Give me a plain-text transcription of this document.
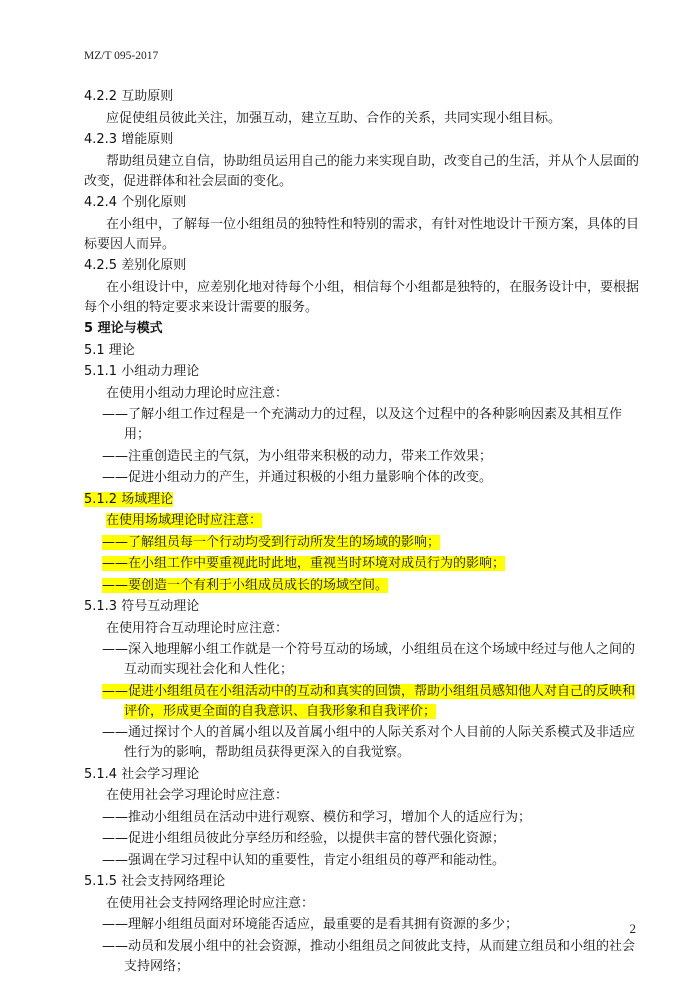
MZ/T 095-2017
4.2.2 互助原则
应促使组员彼此关注，加强互动，建立互助、合作的关系，共同实现小组目标。
4.2.3 增能原则
帮助组员建立自信，协助组员运用自己的能力来实现自助，改变自己的生活，并从个人层面的改变，促进群体和社会层面的变化。
4.2.4 个别化原则
在小组中，了解每一位小组组员的独特性和特别的需求，有针对性地设计干预方案，具体的目标要因人而异。
4.2.5 差别化原则
在小组设计中，应差别化地对待每个小组，相信每个小组都是独特的，在服务设计中，要根据每个小组的特定要求来设计需要的服务。
5 理论与模式
5.1 理论
5.1.1 小组动力理论
在使用小组动力理论时应注意：
——了解小组工作过程是一个充满动力的过程，以及这个过程中的各种影响因素及其相互作用；
——注重创造民主的气氛，为小组带来积极的动力，带来工作效果；
——促进小组动力的产生，并通过积极的小组力量影响个体的改变。
5.1.2 场域理论
在使用场域理论时应注意：
——了解组员每一个行动均受到行动所发生的场域的影响；
——在小组工作中要重视此时此地，重视当时环境对成员行为的影响；
——要创造一个有利于小组成员成长的场域空间。
5.1.3 符号互动理论
在使用符合互动理论时应注意：
——深入地理解小组工作就是一个符号互动的场域，小组组员在这个场域中经过与他人之间的互动而实现社会化和人性化；
——促进小组组员在小组活动中的互动和真实的回馈，帮助小组组员感知他人对自己的反映和评价，形成更全面的自我意识、自我形象和自我评价；
——通过探讨个人的首属小组以及首属小组中的人际关系对个人目前的人际关系模式及非适应性行为的影响，帮助组员获得更深入的自我觉察。
5.1.4 社会学习理论
在使用社会学习理论时应注意：
——推动小组组员在活动中进行观察、模仿和学习，增加个人的适应行为；
——促进小组组员彼此分享经历和经验，以提供丰富的替代强化资源；
——强调在学习过程中认知的重要性，肯定小组组员的尊严和能动性。
5.1.5 社会支持网络理论
在使用社会支持网络理论时应注意：
——理解小组组员面对环境能否适应，最重要的是看其拥有资源的多少；
——动员和发展小组中的社会资源，推动小组组员之间彼此支持，从而建立组员和小组的社会支持网络；
2
